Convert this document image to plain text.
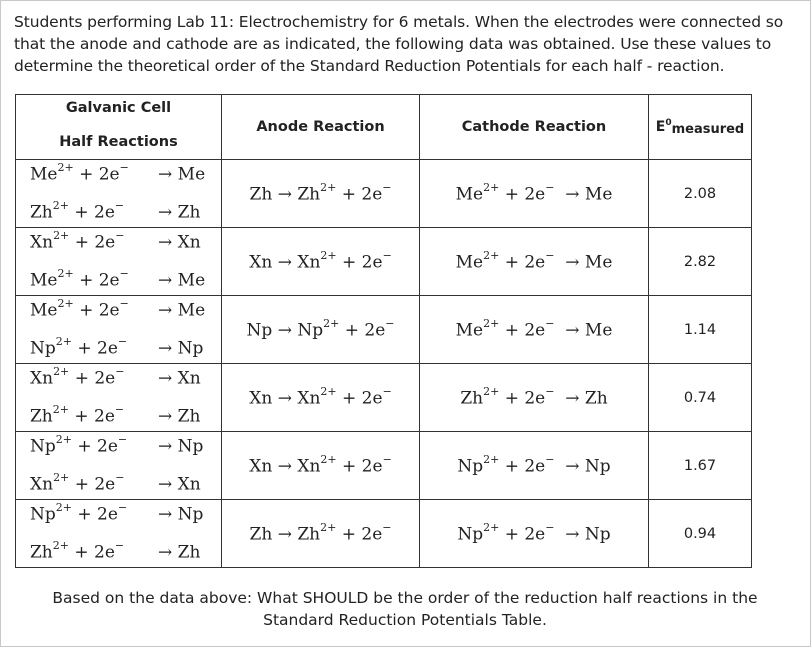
Students performing Lab 11: Electrochemistry for 6 metals. When the electrodes were connected so that the anode and cathode are as indicated, the following data was obtained. Use these values to determine the theoretical order of the Standard Reduction Potentials for each half - reaction.

Galvanic Cell
Half Reactions	Anode Reaction	Cathode Reaction	$E^0_{measured}$

$Me^{2+} + 2e^- \to Me$
$Zh^{2+} + 2e^- \to Zh$	$Zh \to Zh^{2+} + 2e^-$	$Me^{2+} + 2e^- \to Me$	2.08

$Xn^{2+} + 2e^- \to Xn$
$Me^{2+} + 2e^- \to Me$	$Xn \to Xn^{2+} + 2e^-$	$Me^{2+} + 2e^- \to Me$	2.82

$Me^{2+} + 2e^- \to Me$
$Np^{2+} + 2e^- \to Np$	$Np \to Np^{2+} + 2e^-$	$Me^{2+} + 2e^- \to Me$	1.14

$Xn^{2+} + 2e^- \to Xn$
$Zh^{2+} + 2e^- \to Zh$	$Xn \to Xn^{2+} + 2e^-$	$Zh^{2+} + 2e^- \to Zh$	0.74

$Np^{2+} + 2e^- \to Np$
$Xn^{2+} + 2e^- \to Xn$	$Xn \to Xn^{2+} + 2e^-$	$Np^{2+} + 2e^- \to Np$	1.67

$Np^{2+} + 2e^- \to Np$
$Zh^{2+} + 2e^- \to Zh$	$Zh \to Zh^{2+} + 2e^-$	$Np^{2+} + 2e^- \to Np$	0.94

Based on the data above: What SHOULD be the order of the reduction half reactions in the Standard Reduction Potentials Table.
